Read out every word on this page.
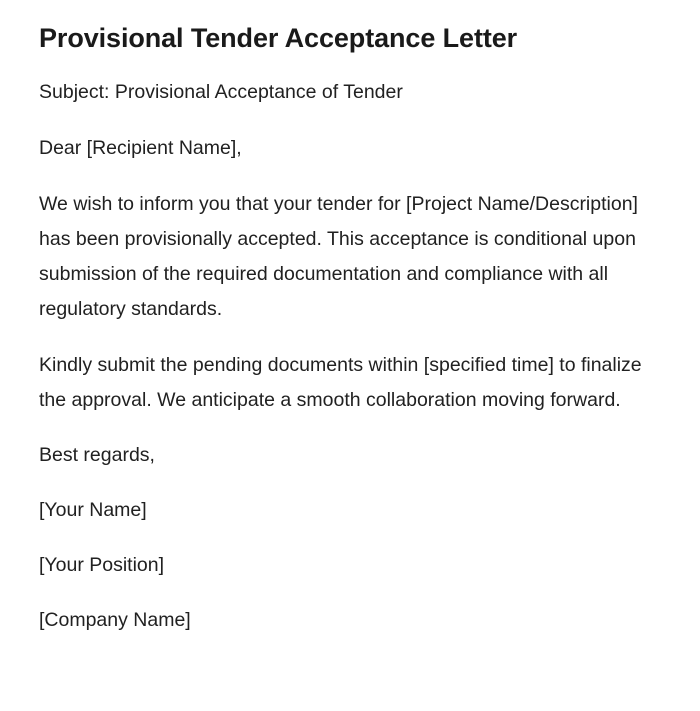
Provisional Tender Acceptance Letter

Subject: Provisional Acceptance of Tender

Dear [Recipient Name],

We wish to inform you that your tender for [Project Name/Description] has been provisionally accepted. This acceptance is conditional upon submission of the required documentation and compliance with all regulatory standards.

Kindly submit the pending documents within [specified time] to finalize the approval. We anticipate a smooth collaboration moving forward.

Best regards,

[Your Name]

[Your Position]

[Company Name]
